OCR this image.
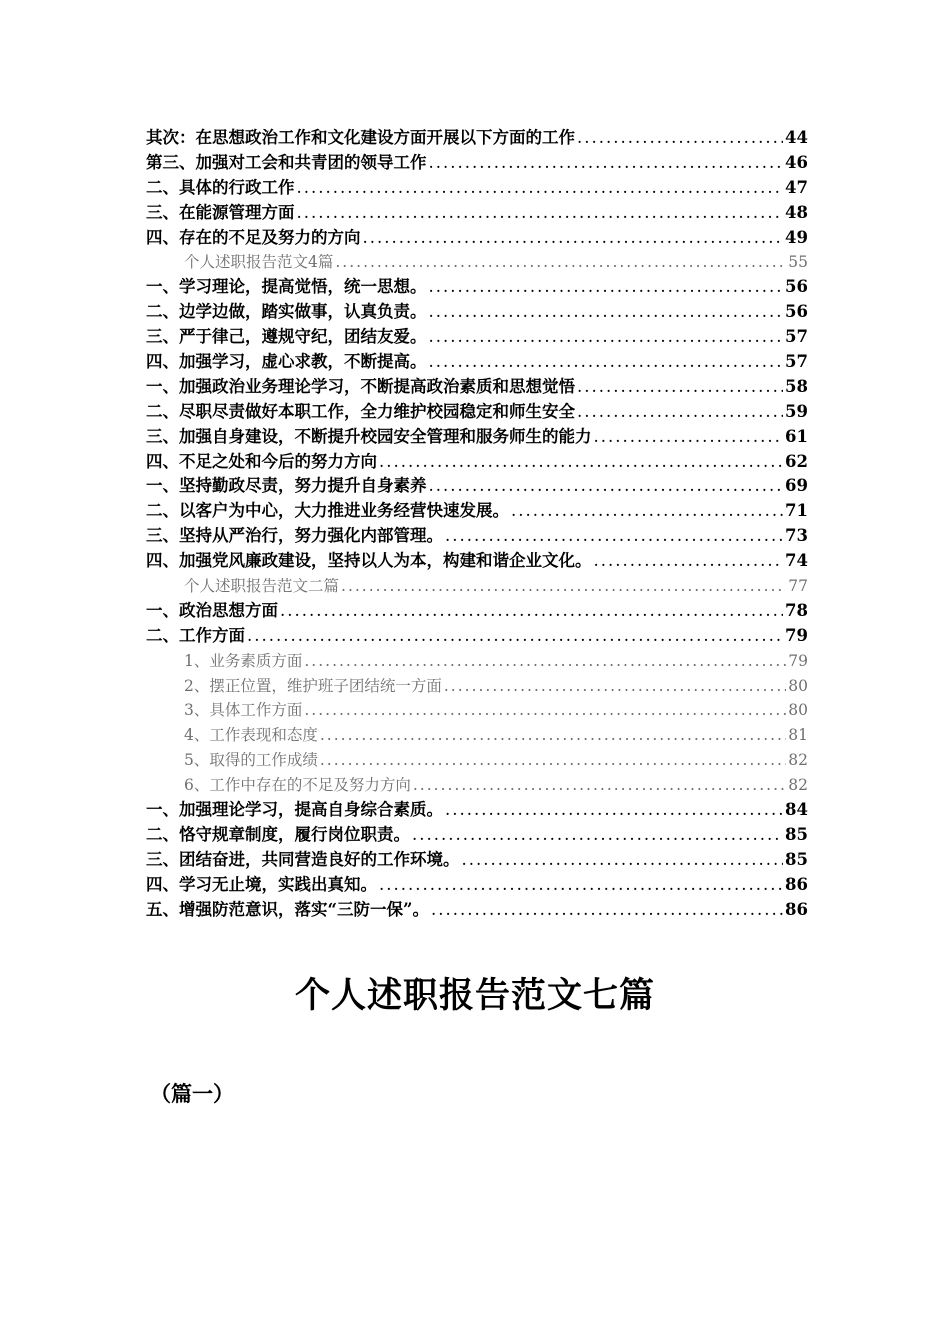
其次：在思想政治工作和文化建设方面开展以下方面的工作 .....	44
第三、加强对工会和共青团的领导工作 .....	46
二、具体的行政工作 .....	47
三、在能源管理方面 .....	48
四、存在的不足及努力的方向 .....	49
个人述职报告范文4篇 .....	55
一、学习理论，提高觉悟，统一思想。 .....	56
二、边学边做，踏实做事，认真负责。 .....	56
三、严于律己，遵规守纪，团结友爱。 .....	57
四、加强学习，虚心求教，不断提高。 .....	57
一、加强政治业务理论学习，不断提高政治素质和思想觉悟 .....	58
二、尽职尽责做好本职工作，全力维护校园稳定和师生安全 .....	59
三、加强自身建设，不断提升校园安全管理和服务师生的能力 .....	61
四、不足之处和今后的努力方向 .....	62
一、坚持勤政尽责，努力提升自身素养 .....	69
二、以客户为中心，大力推进业务经营快速发展。 .....	71
三、坚持从严治行，努力强化内部管理。 .....	73
四、加强党风廉政建设，坚持以人为本，构建和谐企业文化。 .....	74
个人述职报告范文二篇 .....	77
一、政治思想方面 .....	78
二、工作方面 .....	79
1、业务素质方面 .....	79
2、摆正位置，维护班子团结统一方面 .....	80
3、具体工作方面 .....	80
4、工作表现和态度 .....	81
5、取得的工作成绩 .....	82
6、工作中存在的不足及努力方向 .....	82
一、加强理论学习，提高自身综合素质。 .....	84
二、恪守规章制度，履行岗位职责。 .....	85
三、团结奋进，共同营造良好的工作环境。 .....	85
四、学习无止境，实践出真知。 .....	86
五、增强防范意识，落实“三防一保”。 .....	86
个人述职报告范文七篇
（篇一）
